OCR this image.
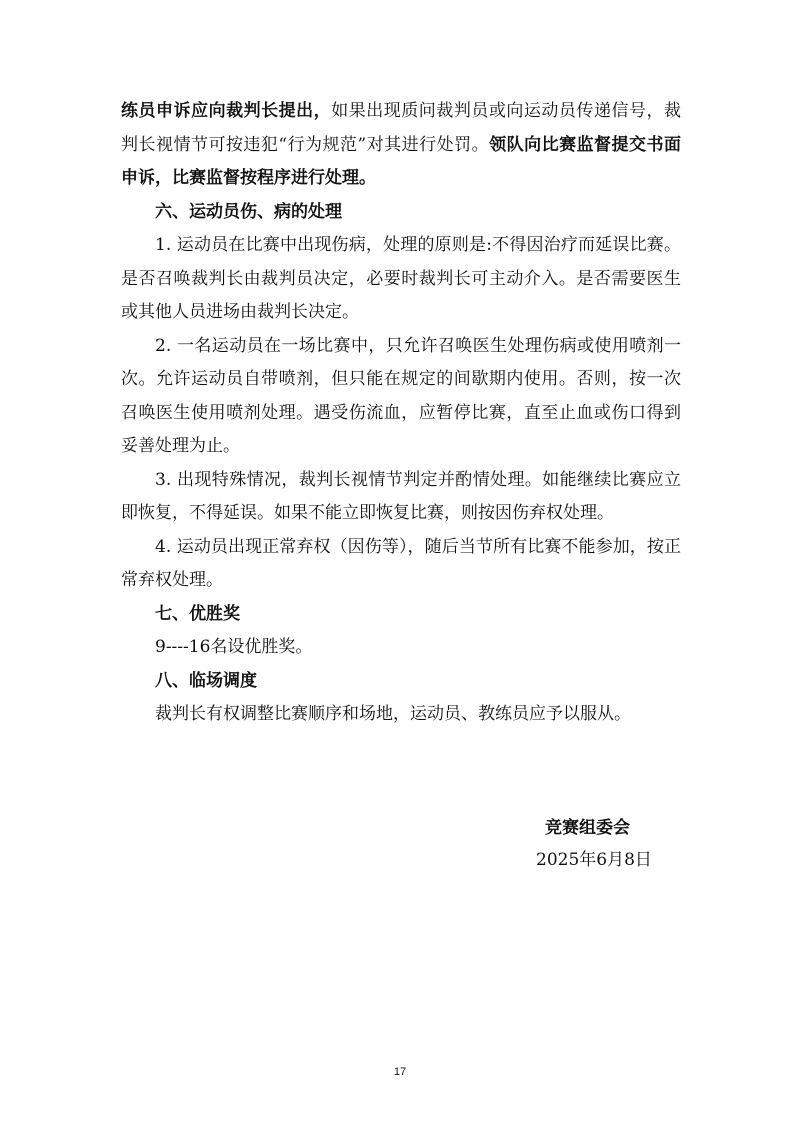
练员申诉应向裁判长提出，如果出现质问裁判员或向运动员传递信号，裁判长视情节可按违犯“行为规范”对其进行处罚。领队向比赛监督提交书面申诉，比赛监督按程序进行处理。

六、运动员伤、病的处理

1. 运动员在比赛中出现伤病，处理的原则是:不得因治疗而延误比赛。是否召唤裁判长由裁判员决定，必要时裁判长可主动介入。是否需要医生或其他人员进场由裁判长决定。

2. 一名运动员在一场比赛中，只允许召唤医生处理伤病或使用喷剂一次。允许运动员自带喷剂，但只能在规定的间歇期内使用。否则，按一次召唤医生使用喷剂处理。遇受伤流血，应暂停比赛，直至止血或伤口得到妥善处理为止。

3. 出现特殊情况，裁判长视情节判定并酌情处理。如能继续比赛应立即恢复，不得延误。如果不能立即恢复比赛，则按因伤弃权处理。

4. 运动员出现正常弃权（因伤等），随后当节所有比赛不能参加，按正常弃权处理。

七、优胜奖

9----16名设优胜奖。

八、临场调度

裁判长有权调整比赛顺序和场地，运动员、教练员应予以服从。

竞赛组委会
2025年6月8日
17
